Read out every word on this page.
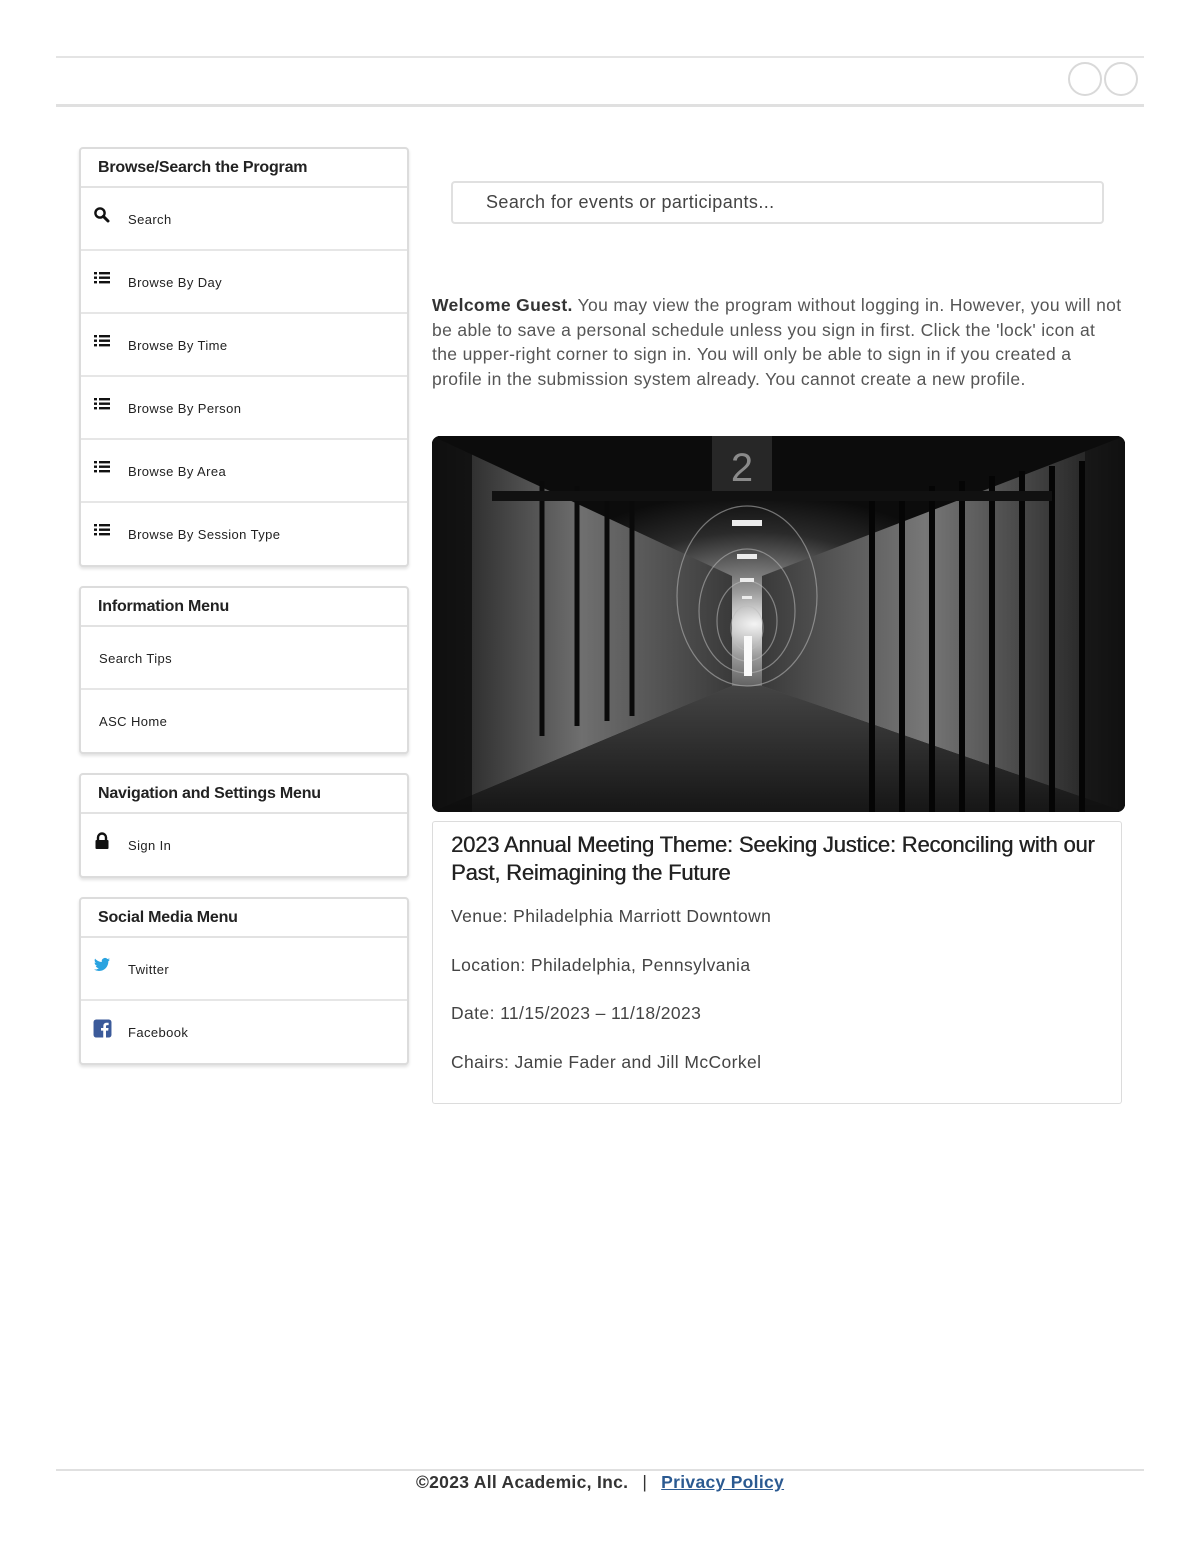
Browse/Search the Program
Search
Browse By Day
Browse By Time
Browse By Person
Browse By Area
Browse By Session Type
Information Menu
Search Tips
ASC Home
Navigation and Settings Menu
Sign In
Social Media Menu
Twitter
Facebook
Search for events or participants...
Welcome Guest. You may view the program without logging in. However, you will not be able to save a personal schedule unless you sign in first. Click the 'lock' icon at the upper-right corner to sign in. You will only be able to sign in if you created a profile in the submission system already. You cannot create a new profile.
2
2023 Annual Meeting Theme: Seeking Justice: Reconciling with our Past, Reimagining the Future
Venue: Philadelphia Marriott Downtown
Location: Philadelphia, Pennsylvania
Date: 11/15/2023 – 11/18/2023
Chairs: Jamie Fader and Jill McCorkel
©2023 All Academic, Inc. | Privacy Policy
